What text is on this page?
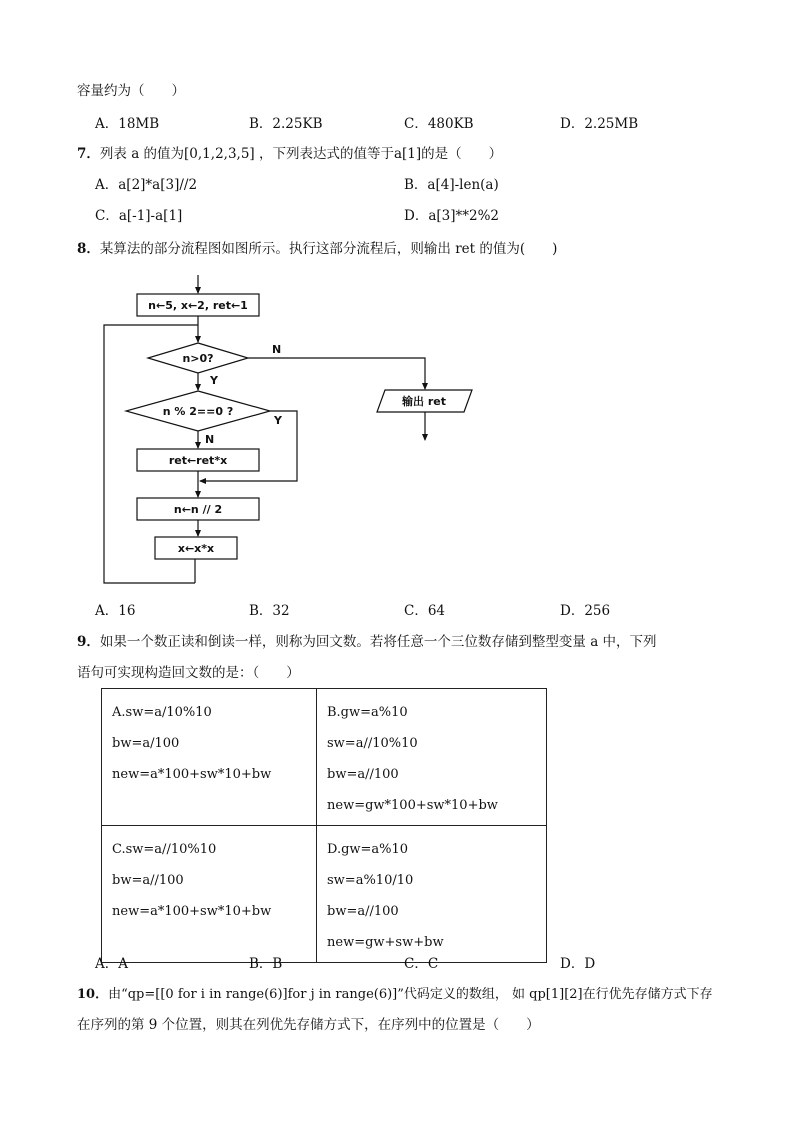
容量约为（　　）
A．18MB	B．2.25KB	C．480KB	D．2.25MB
7．列表 a 的值为[0,1,2,3,5] ，下列表达式的值等于a[1]的是（　　）
A．a[2]*a[3]//2	B．a[4]-len(a)
C．a[-1]-a[1]	D．a[3]**2%2
8．某算法的部分流程图如图所示。执行这部分流程后，则输出 ret 的值为(　　)
n←5, x←2, ret←1
n>0?
N
Y
输出 ret
n % 2==0 ?
Y
N
ret←ret*x
n←n // 2
x←x*x
A．16	B．32	C．64	D．256
9．如果一个数正读和倒读一样，则称为回文数。若将任意一个三位数存储到整型变量 a 中，下列
语句可实现构造回文数的是：（　　）
A.sw=a/10%10
bw=a/100
new=a*100+sw*10+bw	B.gw=a%10
sw=a//10%10
bw=a//100
new=gw*100+sw*10+bw

C.sw=a//10%10
bw=a//100
new=a*100+sw*10+bw	D.gw=a%10
sw=a%10/10
bw=a//100
new=gw+sw+bw
A．A	B．B	C．C	D．D
10．由“qp=[[0 for i in range(6)]for j in range(6)]”代码定义的数组， 如 qp[1][2]在行优先存储方式下存
在序列的第 9 个位置，则其在列优先存储方式下，在序列中的位置是（　　）
